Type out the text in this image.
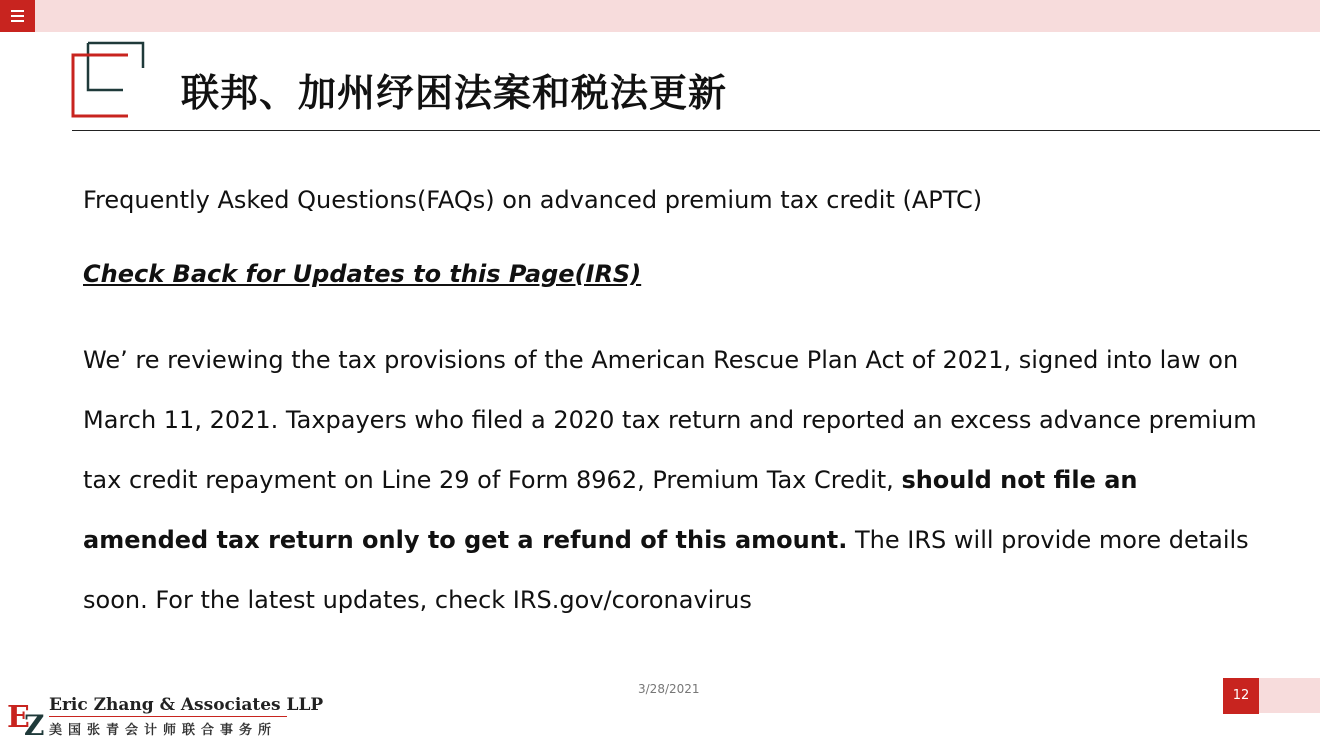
联邦、加州纾困法案和税法更新
Frequently Asked Questions(FAQs) on advanced premium tax credit (APTC)
Check Back for Updates to this Page(IRS)

We’ re reviewing the tax provisions of the American Rescue Plan Act of 2021, signed into law on March 11, 2021. Taxpayers who filed a 2020 tax return and reported an excess advance premium tax credit repayment on Line 29 of Form 8962, Premium Tax Credit, should not file an amended tax return only to get a refund of this amount. The IRS will provide more details soon. For the latest updates, check IRS.gov/coronavirus

3/28/2021	12
E
Z
Eric Zhang & Associates LLP
美国张青会计师联合事务所
